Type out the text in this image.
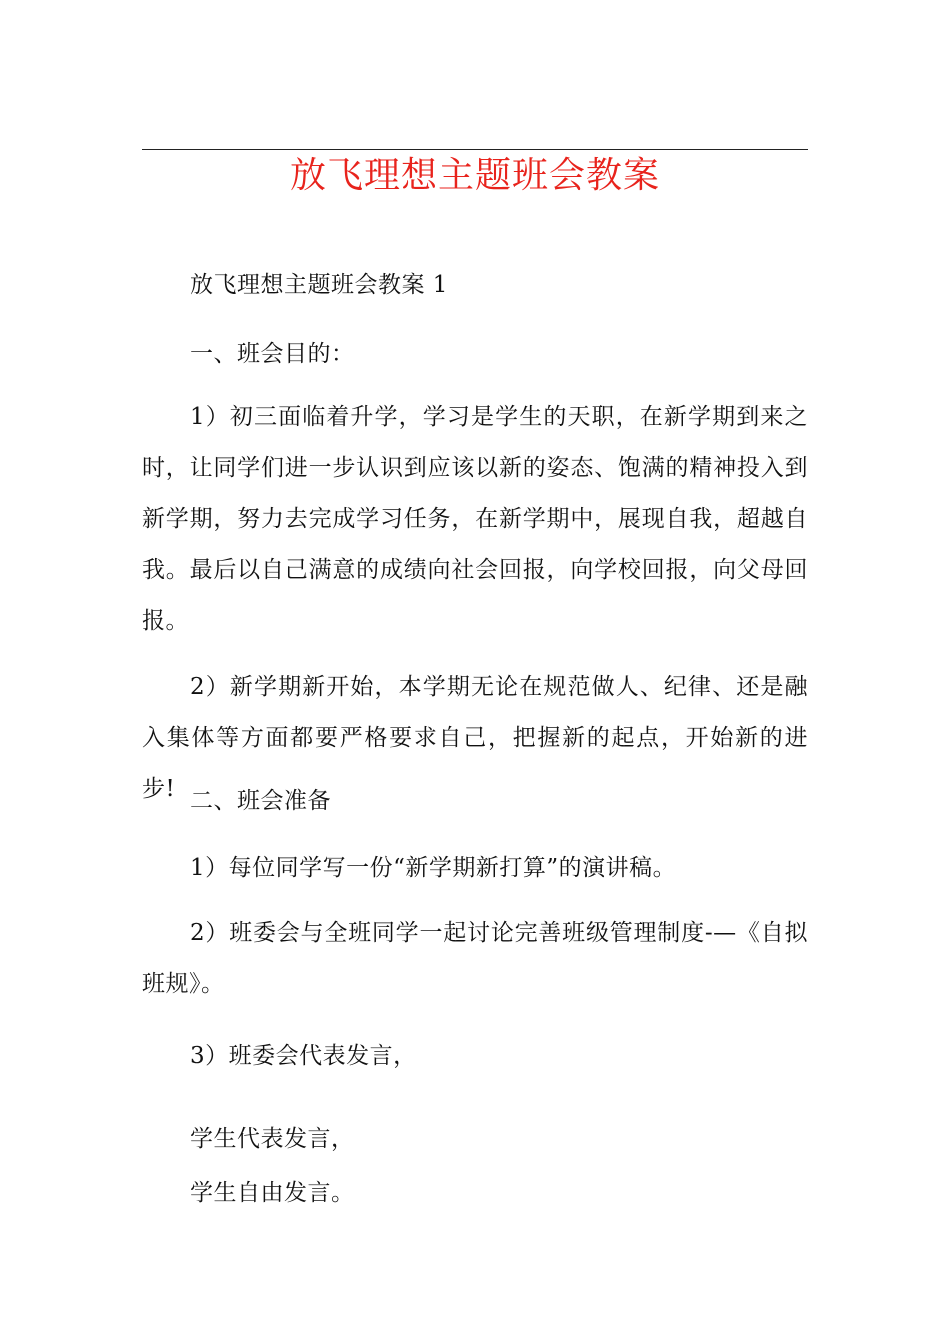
放飞理想主题班会教案
放飞理想主题班会教案 1
一、班会目的：

1）初三面临着升学，学习是学生的天职，在新学期到来之时，让同学们进一步认识到应该以新的姿态、饱满的精神投入到新学期，努力去完成学习任务，在新学期中，展现自我，超越自我。最后以自己满意的成绩向社会回报，向学校回报，向父母回报。

2）新学期新开始，本学期无论在规范做人、纪律、还是融入集体等方面都要严格要求自己，把握新的起点，开始新的进步! 二、班会准备
1）每位同学写一份“新学期新打算”的演讲稿。

2）班委会与全班同学一起讨论完善班级管理制度-—《自拟班规》。

3）班委会代表发言，
学生代表发言，
学生自由发言。
